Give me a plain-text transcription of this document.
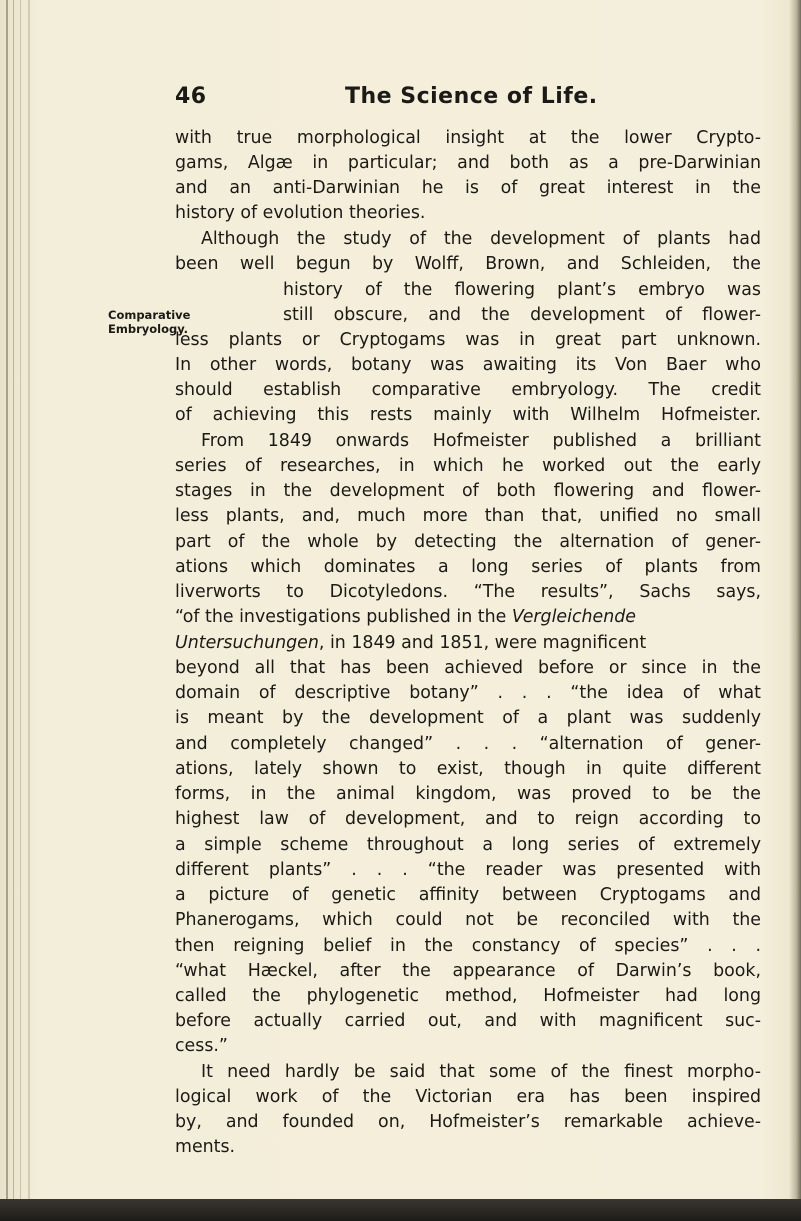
46	The Science of Life.
Comparative
Embryology.
with true morphological insight at the lower Crypto-
gams, Algæ in particular; and both as a pre-Darwinian
and an anti-Darwinian he is of great interest in the
history of evolution theories.
Although the study of the development of plants had
been well begun by Wolff, Brown, and Schleiden, the
history of the flowering plant’s embryo was
still obscure, and the development of flower-
less plants or Cryptogams was in great part unknown.
In other words, botany was awaiting its Von Baer who
should establish comparative embryology. The credit
of achieving this rests mainly with Wilhelm Hofmeister.
From 1849 onwards Hofmeister published a brilliant
series of researches, in which he worked out the early
stages in the development of both flowering and flower-
less plants, and, much more than that, unified no small
part of the whole by detecting the alternation of gener-
ations which dominates a long series of plants from
liverworts to Dicotyledons. “The results”, Sachs says,
“of the investigations published in the Vergleichende
Untersuchungen, in 1849 and 1851, were magnificent
beyond all that has been achieved before or since in the
domain of descriptive botany” . . . “the idea of what
is meant by the development of a plant was suddenly
and completely changed” . . . “alternation of gener-
ations, lately shown to exist, though in quite different
forms, in the animal kingdom, was proved to be the
highest law of development, and to reign according to
a simple scheme throughout a long series of extremely
different plants” . . . “the reader was presented with
a picture of genetic affinity between Cryptogams and
Phanerogams, which could not be reconciled with the
then reigning belief in the constancy of species” . . .
“what Hæckel, after the appearance of Darwin’s book,
called the phylogenetic method, Hofmeister had long
before actually carried out, and with magnificent suc-
cess.”
It need hardly be said that some of the finest morpho-
logical work of the Victorian era has been inspired
by, and founded on, Hofmeister’s remarkable achieve-
ments.
